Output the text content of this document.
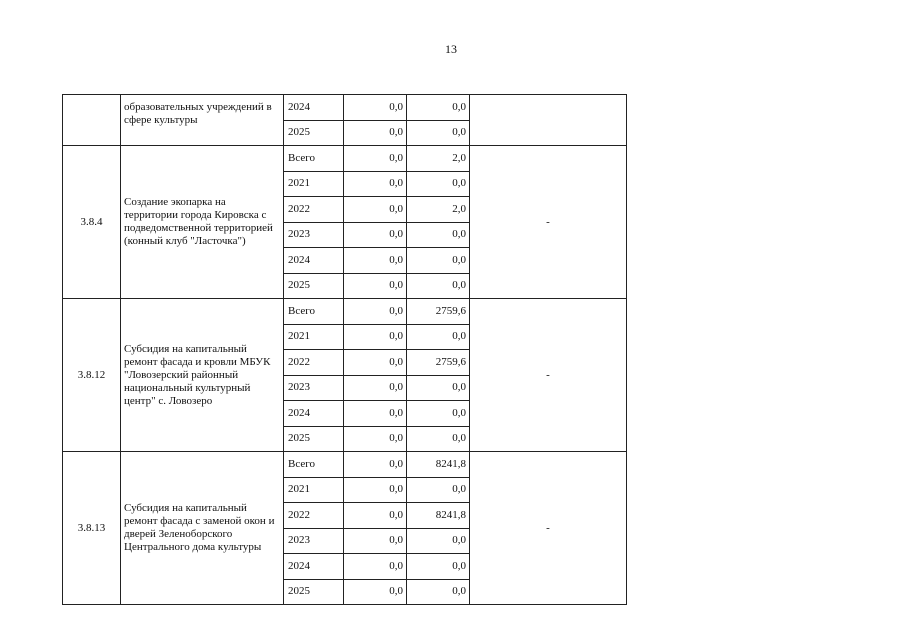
13
	образовательных учреждений в сфере культуры	2024	0,0	0,0	
		2025	0,0	0,0	
3.8.4	Создание экопарка на территории города Кировска с подведомственной территорией (конный клуб "Ласточка")	Всего	0,0	2,0	-
		2021	0,0	0,0	
		2022	0,0	2,0	
		2023	0,0	0,0	
		2024	0,0	0,0	
		2025	0,0	0,0	
3.8.12	Субсидия на капитальный ремонт фасада и кровли МБУК "Ловозерский районный национальный культурный центр" с. Ловозеро	Всего	0,0	2759,6	-
		2021	0,0	0,0	
		2022	0,0	2759,6	
		2023	0,0	0,0	
		2024	0,0	0,0	
		2025	0,0	0,0	
3.8.13	Субсидия на капитальный ремонт фасада с заменой окон и дверей Зеленоборского Центрального дома культуры	Всего	0,0	8241,8	-
		2021	0,0	0,0	
		2022	0,0	8241,8	
		2023	0,0	0,0	
		2024	0,0	0,0	
		2025	0,0	0,0	
